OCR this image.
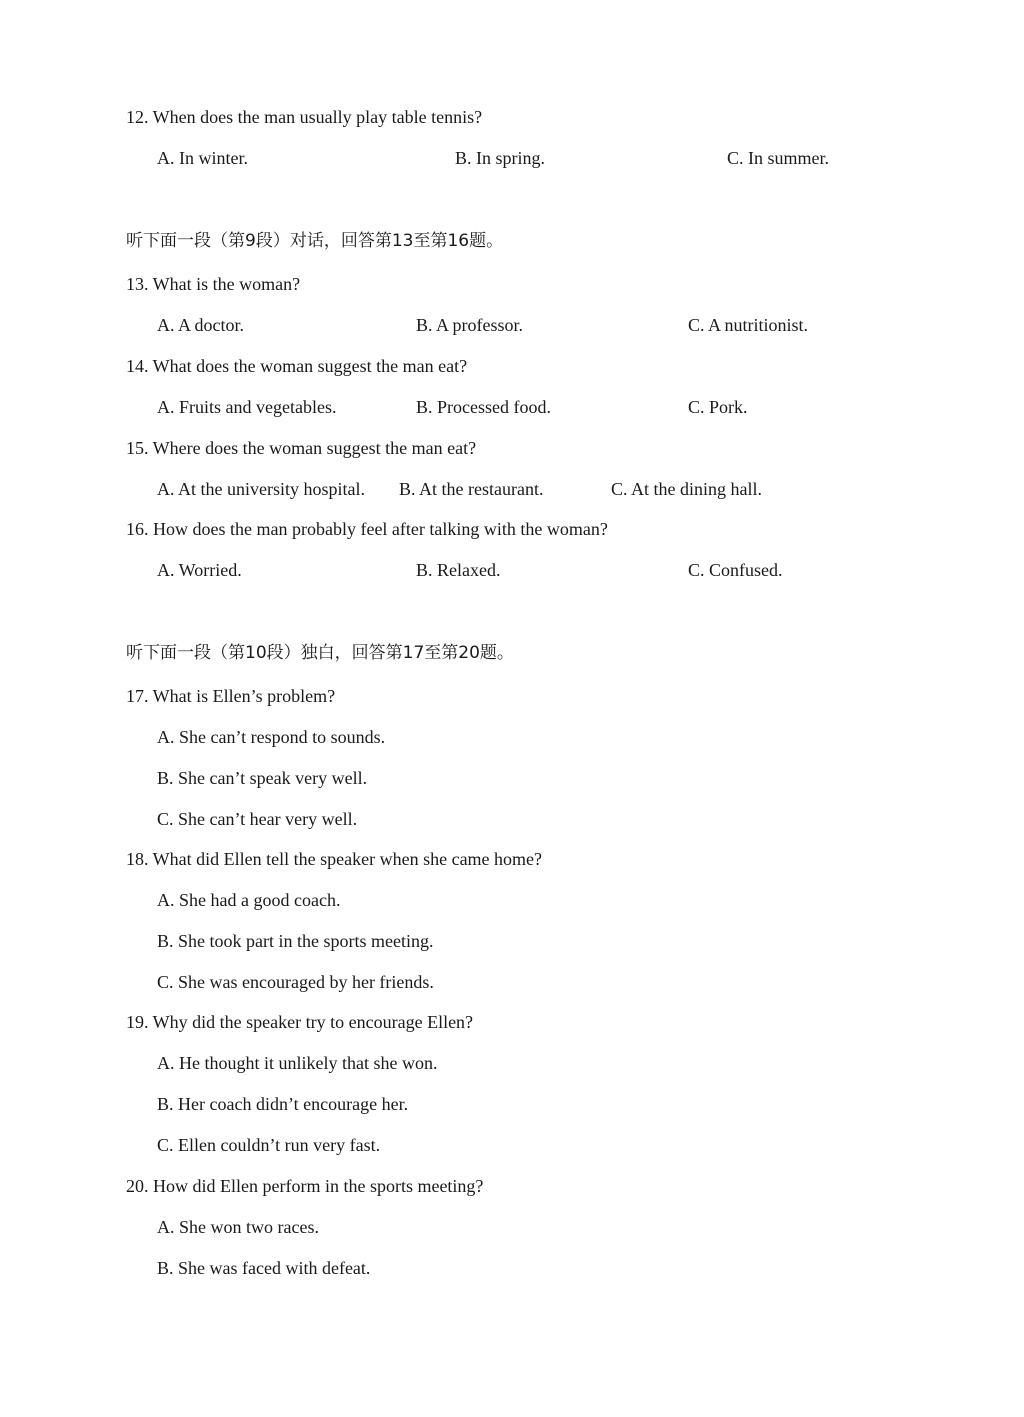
12. When does the man usually play table tennis?
A. In winter.	B. In spring.	C. In summer.
听下面一段（第9段）对话，回答第13至第16题。
13. What is the woman?
A. A doctor.	B. A professor.	C. A nutritionist.
14. What does the woman suggest the man eat?
A. Fruits and vegetables.	B. Processed food.	C. Pork.
15. Where does the woman suggest the man eat?
A. At the university hospital. B. At the restaurant.	C. At the dining hall.
16. How does the man probably feel after talking with the woman?
A. Worried.	B. Relaxed.	C. Confused.
听下面一段（第10段）独白，回答第17至第20题。
17. What is Ellen’s problem?
A. She can’t respond to sounds.
B. She can’t speak very well.
C. She can’t hear very well.
18. What did Ellen tell the speaker when she came home?
A. She had a good coach.
B. She took part in the sports meeting.
C. She was encouraged by her friends.
19. Why did the speaker try to encourage Ellen?
A. He thought it unlikely that she won.
B. Her coach didn’t encourage her.
C. Ellen couldn’t run very fast.
20. How did Ellen perform in the sports meeting?
A. She won two races.
B. She was faced with defeat.
